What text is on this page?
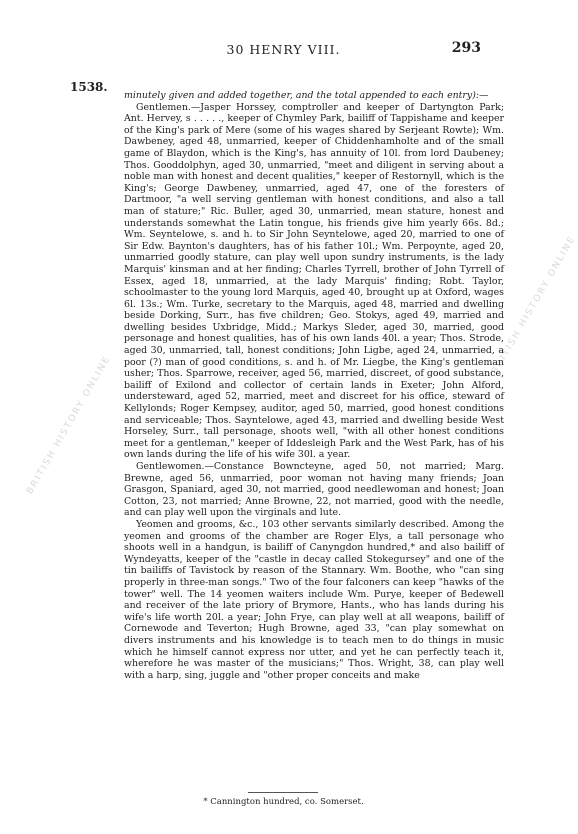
BRITISH HISTORY ONLINE
BRITISH HISTORY ONLINE
30 HENRY VIII.	293
1538.

minutely given and added together, and the total appended to each entry):—

Gentlemen.—Jasper Horssey, comptroller and keeper of Dartyngton Park; Ant. Hervey, s . . . . ., keeper of Chymley Park, bailiff of Tappishame and keeper of the King's park of Mere (some of his wages shared by Serjeant Rowte); Wm. Dawbeney, aged 48, unmarried, keeper of Chiddenhamholte and of the small game of Blaydon, which is the King's, has annuity of 10l. from lord Daubeney; Thos. Gooddolphyn, aged 30, unmarried, "meet and diligent in serving about a noble man with honest and decent qualities," keeper of Restornyll, which is the King's; George Dawbeney, unmarried, aged 47, one of the foresters of Dartmoor, "a well serving gentleman with honest conditions, and also a tall man of stature;" Ric. Buller, aged 30, unmarried, mean stature, honest and understands somewhat the Latin tongue, his friends give him yearly 66s. 8d.; Wm. Seyntelowe, s. and h. to Sir John Seyntelowe, aged 20, married to one of Sir Edw. Baynton's daughters, has of his father 10l.; Wm. Perpoynte, aged 20, unmarried goodly stature, can play well upon sundry instruments, is the lady Marquis' kinsman and at her finding; Charles Tyrrell, brother of John Tyrrell of Essex, aged 18, unmarried, at the lady Marquis' finding; Robt. Taylor, schoolmaster to the young lord Marquis, aged 40, brought up at Oxford, wages 6l. 13s.; Wm. Turke, secretary to the Marquis, aged 48, married and dwelling beside Dorking, Surr., has five children; Geo. Stokys, aged 49, married and dwelling besides Uxbridge, Midd.; Markys Sleder, aged 30, married, good personage and honest qualities, has of his own lands 40l. a year; Thos. Strode, aged 30, unmarried, tall, honest conditions; John Ligbe, aged 24, unmarried, a poor (?) man of good conditions, s. and h. of Mr. Liegbe, the King's gentleman usher; Thos. Sparrowe, receiver, aged 56, married, discreet, of good substance, bailiff of Exilond and collector of certain lands in Exeter; John Alford, understeward, aged 52, married, meet and discreet for his office, steward of Kellylonds; Roger Kempsey, auditor, aged 50, married, good honest conditions and serviceable; Thos. Sayntelowe, aged 43, married and dwelling beside West Horseley, Surr., tall personage, shoots well, "with all other honest conditions meet for a gentleman," keeper of Iddesleigh Park and the West Park, has of his own lands during the life of his wife 30l. a year.

Gentlewomen.—Constance Bowncteyne, aged 50, not married; Marg. Brewne, aged 56, unmarried, poor woman not having many friends; Joan Grasgon, Spaniard, aged 30, not married, good needlewoman and honest; Joan Cotton, 23, not married; Anne Browne, 22, not married, good with the needle, and can play well upon the virginals and lute.

Yeomen and grooms, &c., 103 other servants similarly described. Among the yeomen and grooms of the chamber are Roger Elys, a tall personage who shoots well in a handgun, is bailiff of Canyngdon hundred,* and also bailiff of Wyndeyatts, keeper of the "castle in decay called Stokegursey" and one of the tin bailiffs of Tavistock by reason of the Stannary. Wm. Boothe, who "can sing properly in three-man songs." Two of the four falconers can keep "hawks of the tower" well. The 14 yeomen waiters include Wm. Purye, keeper of Bedewell and receiver of the late priory of Brymore, Hants., who has lands during his wife's life worth 20l. a year; John Frye, can play well at all weapons, bailiff of Cornewode and Teverton; Hugh Browne, aged 33, "can play somewhat on divers instruments and his knowledge is to teach men to do things in music which he himself cannot express nor utter, and yet he can perfectly teach it, wherefore he was master of the musicians;" Thos. Wright, 38, can play well with a harp, sing, juggle and "other proper conceits and make

* Cannington hundred, co. Somerset.
